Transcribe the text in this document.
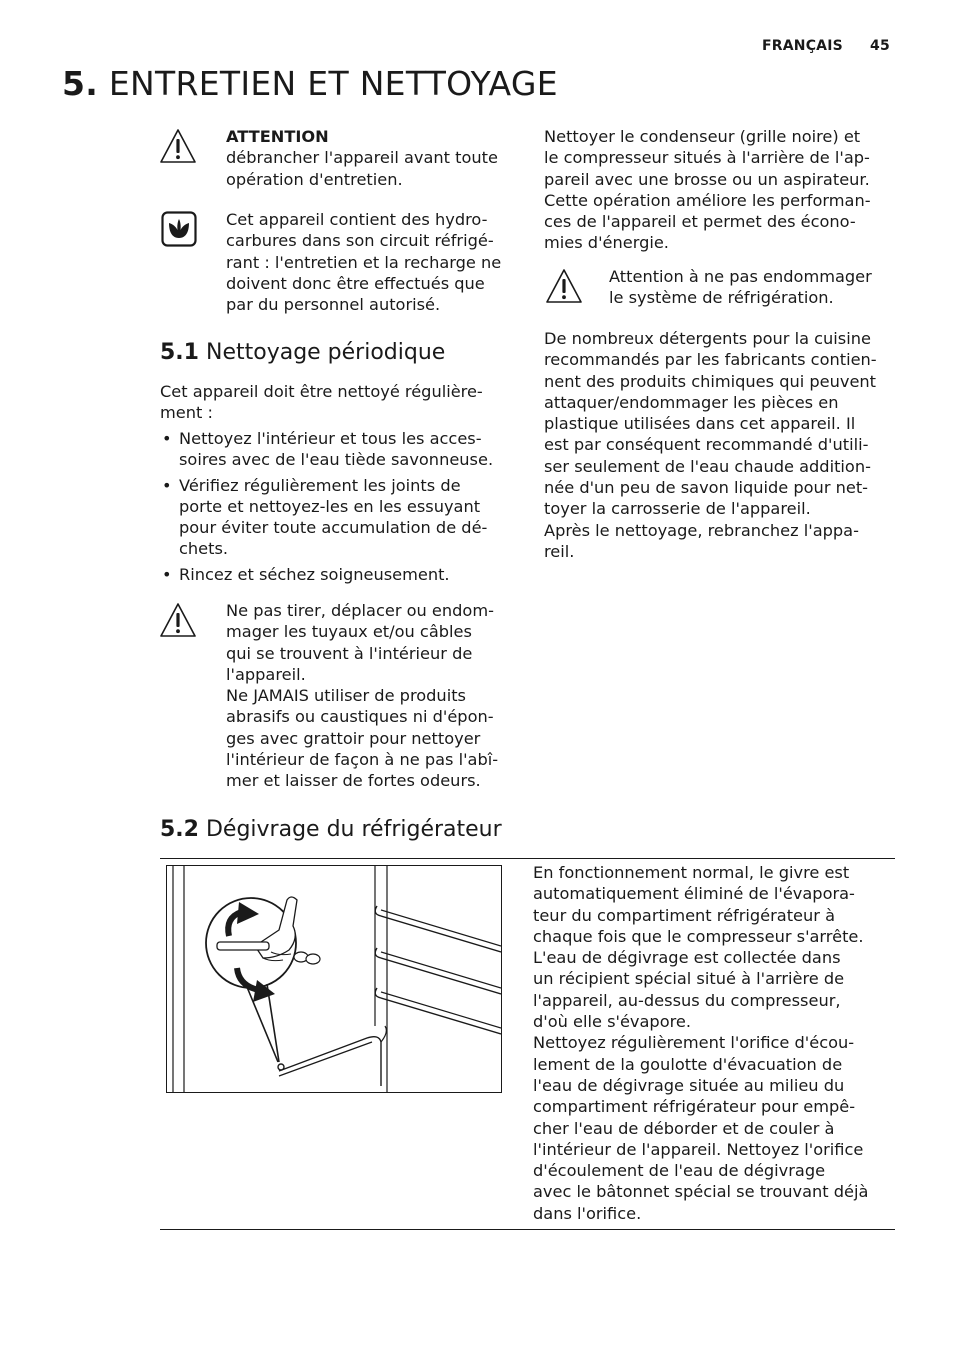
FRANÇAIS 45
5. ENTRETIEN ET NETTOYAGE
ATTENTION
débrancher l'appareil avant toute
opération d'entretien.
Cet appareil contient des hydro-
carbures dans son circuit réfrigé-
rant : l'entretien et la recharge ne
doivent donc être effectués que
par du personnel autorisé.
5.1 Nettoyage périodique
Cet appareil doit être nettoyé régulière-
ment :
• Nettoyez l'intérieur et tous les acces-
soires avec de l'eau tiède savonneuse.
• Vérifiez régulièrement les joints de
porte et nettoyez-les en les essuyant
pour éviter toute accumulation de dé-
chets.
• Rincez et séchez soigneusement.
Ne pas tirer, déplacer ou endom-
mager les tuyaux et/ou câbles
qui se trouvent à l'intérieur de
l'appareil.
Ne JAMAIS utiliser de produits
abrasifs ou caustiques ni d'épon-
ges avec grattoir pour nettoyer
l'intérieur de façon à ne pas l'abî-
mer et laisser de fortes odeurs.
Nettoyer le condenseur (grille noire) et
le compresseur situés à l'arrière de l'ap-
pareil avec une brosse ou un aspirateur.
Cette opération améliore les performan-
ces de l'appareil et permet des écono-
mies d'énergie.
Attention à ne pas endommager
le système de réfrigération.
De nombreux détergents pour la cuisine
recommandés par les fabricants contien-
nent des produits chimiques qui peuvent
attaquer/endommager les pièces en
plastique utilisées dans cet appareil. Il
est par conséquent recommandé d'utili-
ser seulement de l'eau chaude addition-
née d'un peu de savon liquide pour net-
toyer la carrosserie de l'appareil.
Après le nettoyage, rebranchez l'appa-
reil.
5.2 Dégivrage du réfrigérateur
En fonctionnement normal, le givre est
automatiquement éliminé de l'évapora-
teur du compartiment réfrigérateur à
chaque fois que le compresseur s'arrête.
L'eau de dégivrage est collectée dans
un récipient spécial situé à l'arrière de
l'appareil, au-dessus du compresseur,
d'où elle s'évapore.
Nettoyez régulièrement l'orifice d'écou-
lement de la goulotte d'évacuation de
l'eau de dégivrage située au milieu du
compartiment réfrigérateur pour empê-
cher l'eau de déborder et de couler à
l'intérieur de l'appareil. Nettoyez l'orifice
d'écoulement de l'eau de dégivrage
avec le bâtonnet spécial se trouvant déjà
dans l'orifice.
